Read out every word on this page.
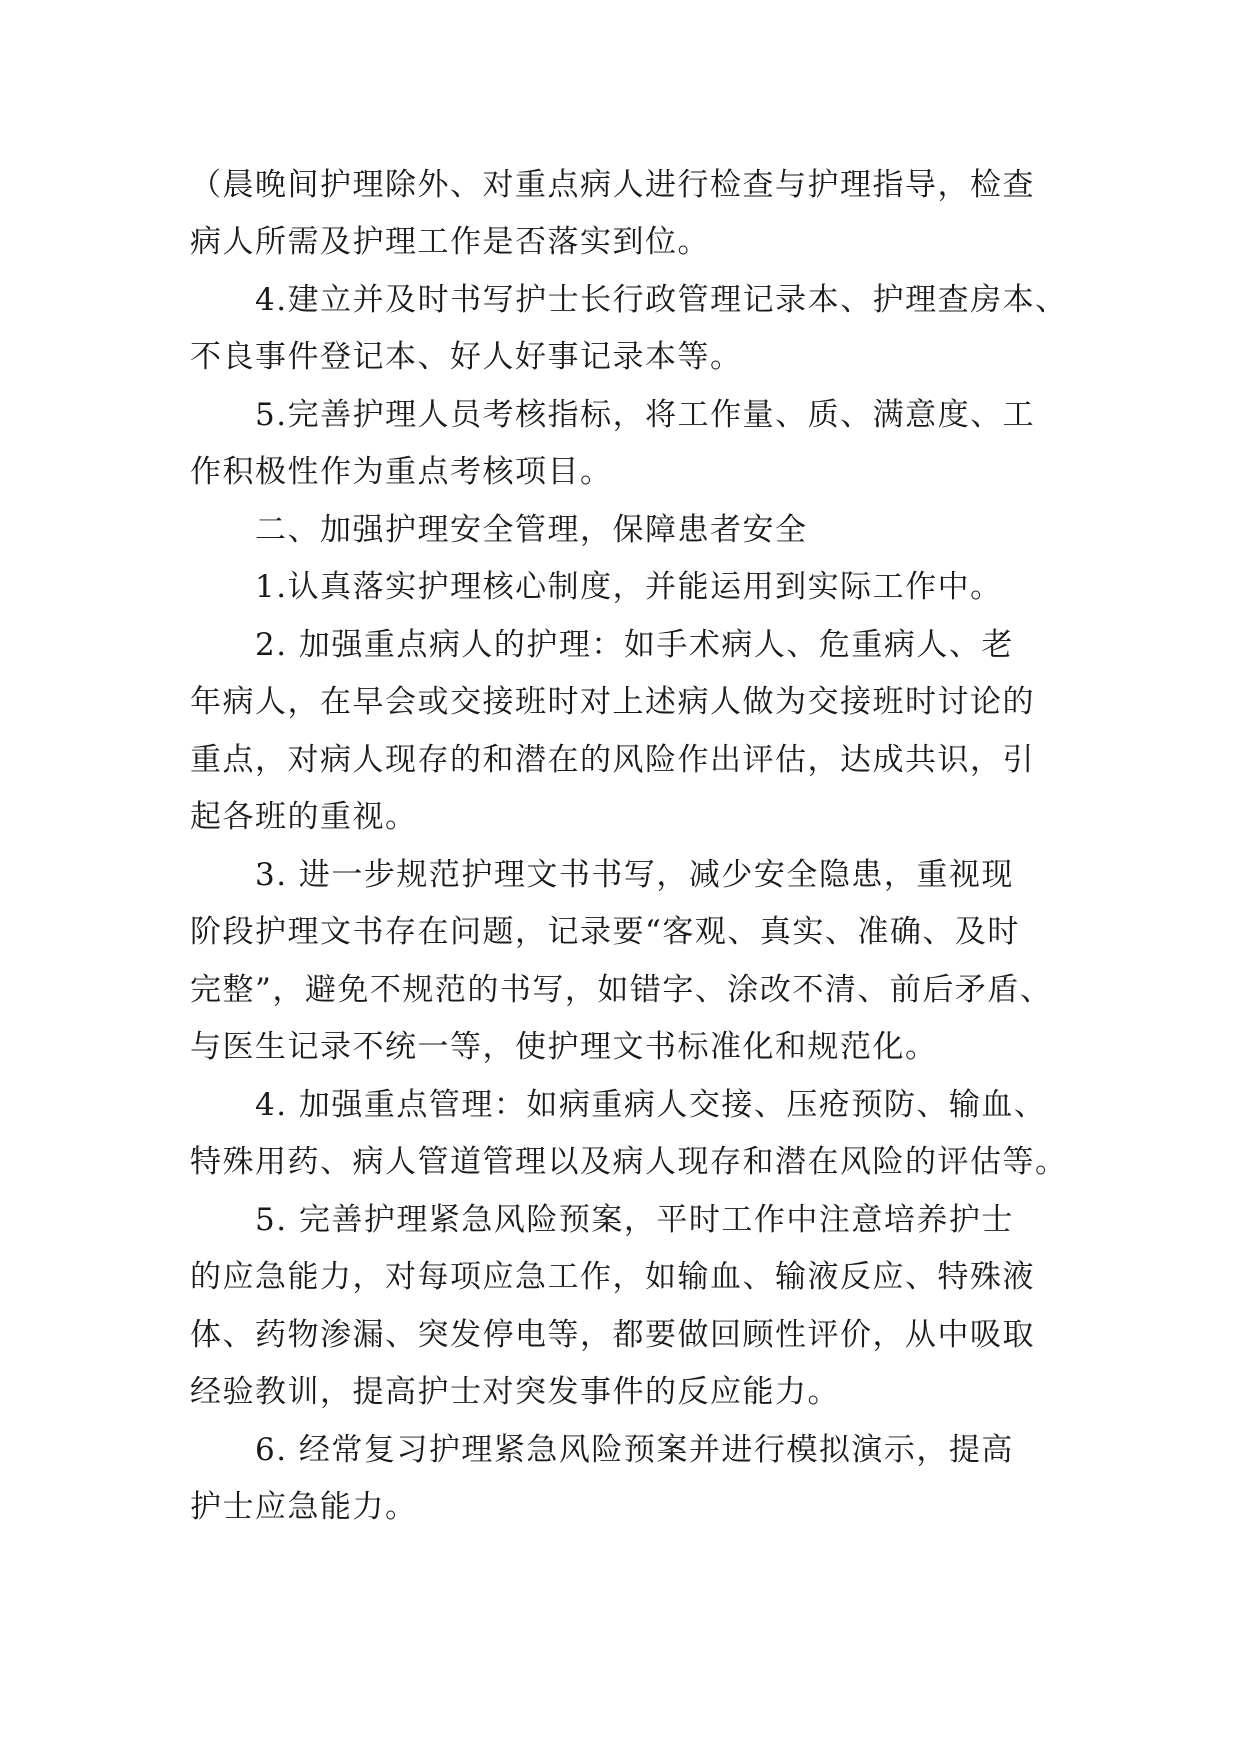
（晨晚间护理除外、对重点病人进行检查与护理指导，检查
病人所需及护理工作是否落实到位。
4.建立并及时书写护士长行政管理记录本、护理查房本、
不良事件登记本、好人好事记录本等。
5.完善护理人员考核指标，将工作量、质、满意度、工
作积极性作为重点考核项目。
二、加强护理安全管理，保障患者安全
1.认真落实护理核心制度，并能运用到实际工作中。
2. 加强重点病人的护理：如手术病人、危重病人、老
年病人，在早会或交接班时对上述病人做为交接班时讨论的
重点，对病人现存的和潜在的风险作出评估，达成共识，引
起各班的重视。
3. 进一步规范护理文书书写，减少安全隐患，重视现
阶段护理文书存在问题，记录要“客观、真实、准确、及时
完整”，避免不规范的书写，如错字、涂改不清、前后矛盾、
与医生记录不统一等，使护理文书标准化和规范化。
4. 加强重点管理：如病重病人交接、压疮预防、输血、
特殊用药、病人管道管理以及病人现存和潜在风险的评估等。
5. 完善护理紧急风险预案，平时工作中注意培养护士
的应急能力，对每项应急工作，如输血、输液反应、特殊液
体、药物渗漏、突发停电等，都要做回顾性评价，从中吸取
经验教训，提高护士对突发事件的反应能力。
6. 经常复习护理紧急风险预案并进行模拟演示，提高
护士应急能力。
